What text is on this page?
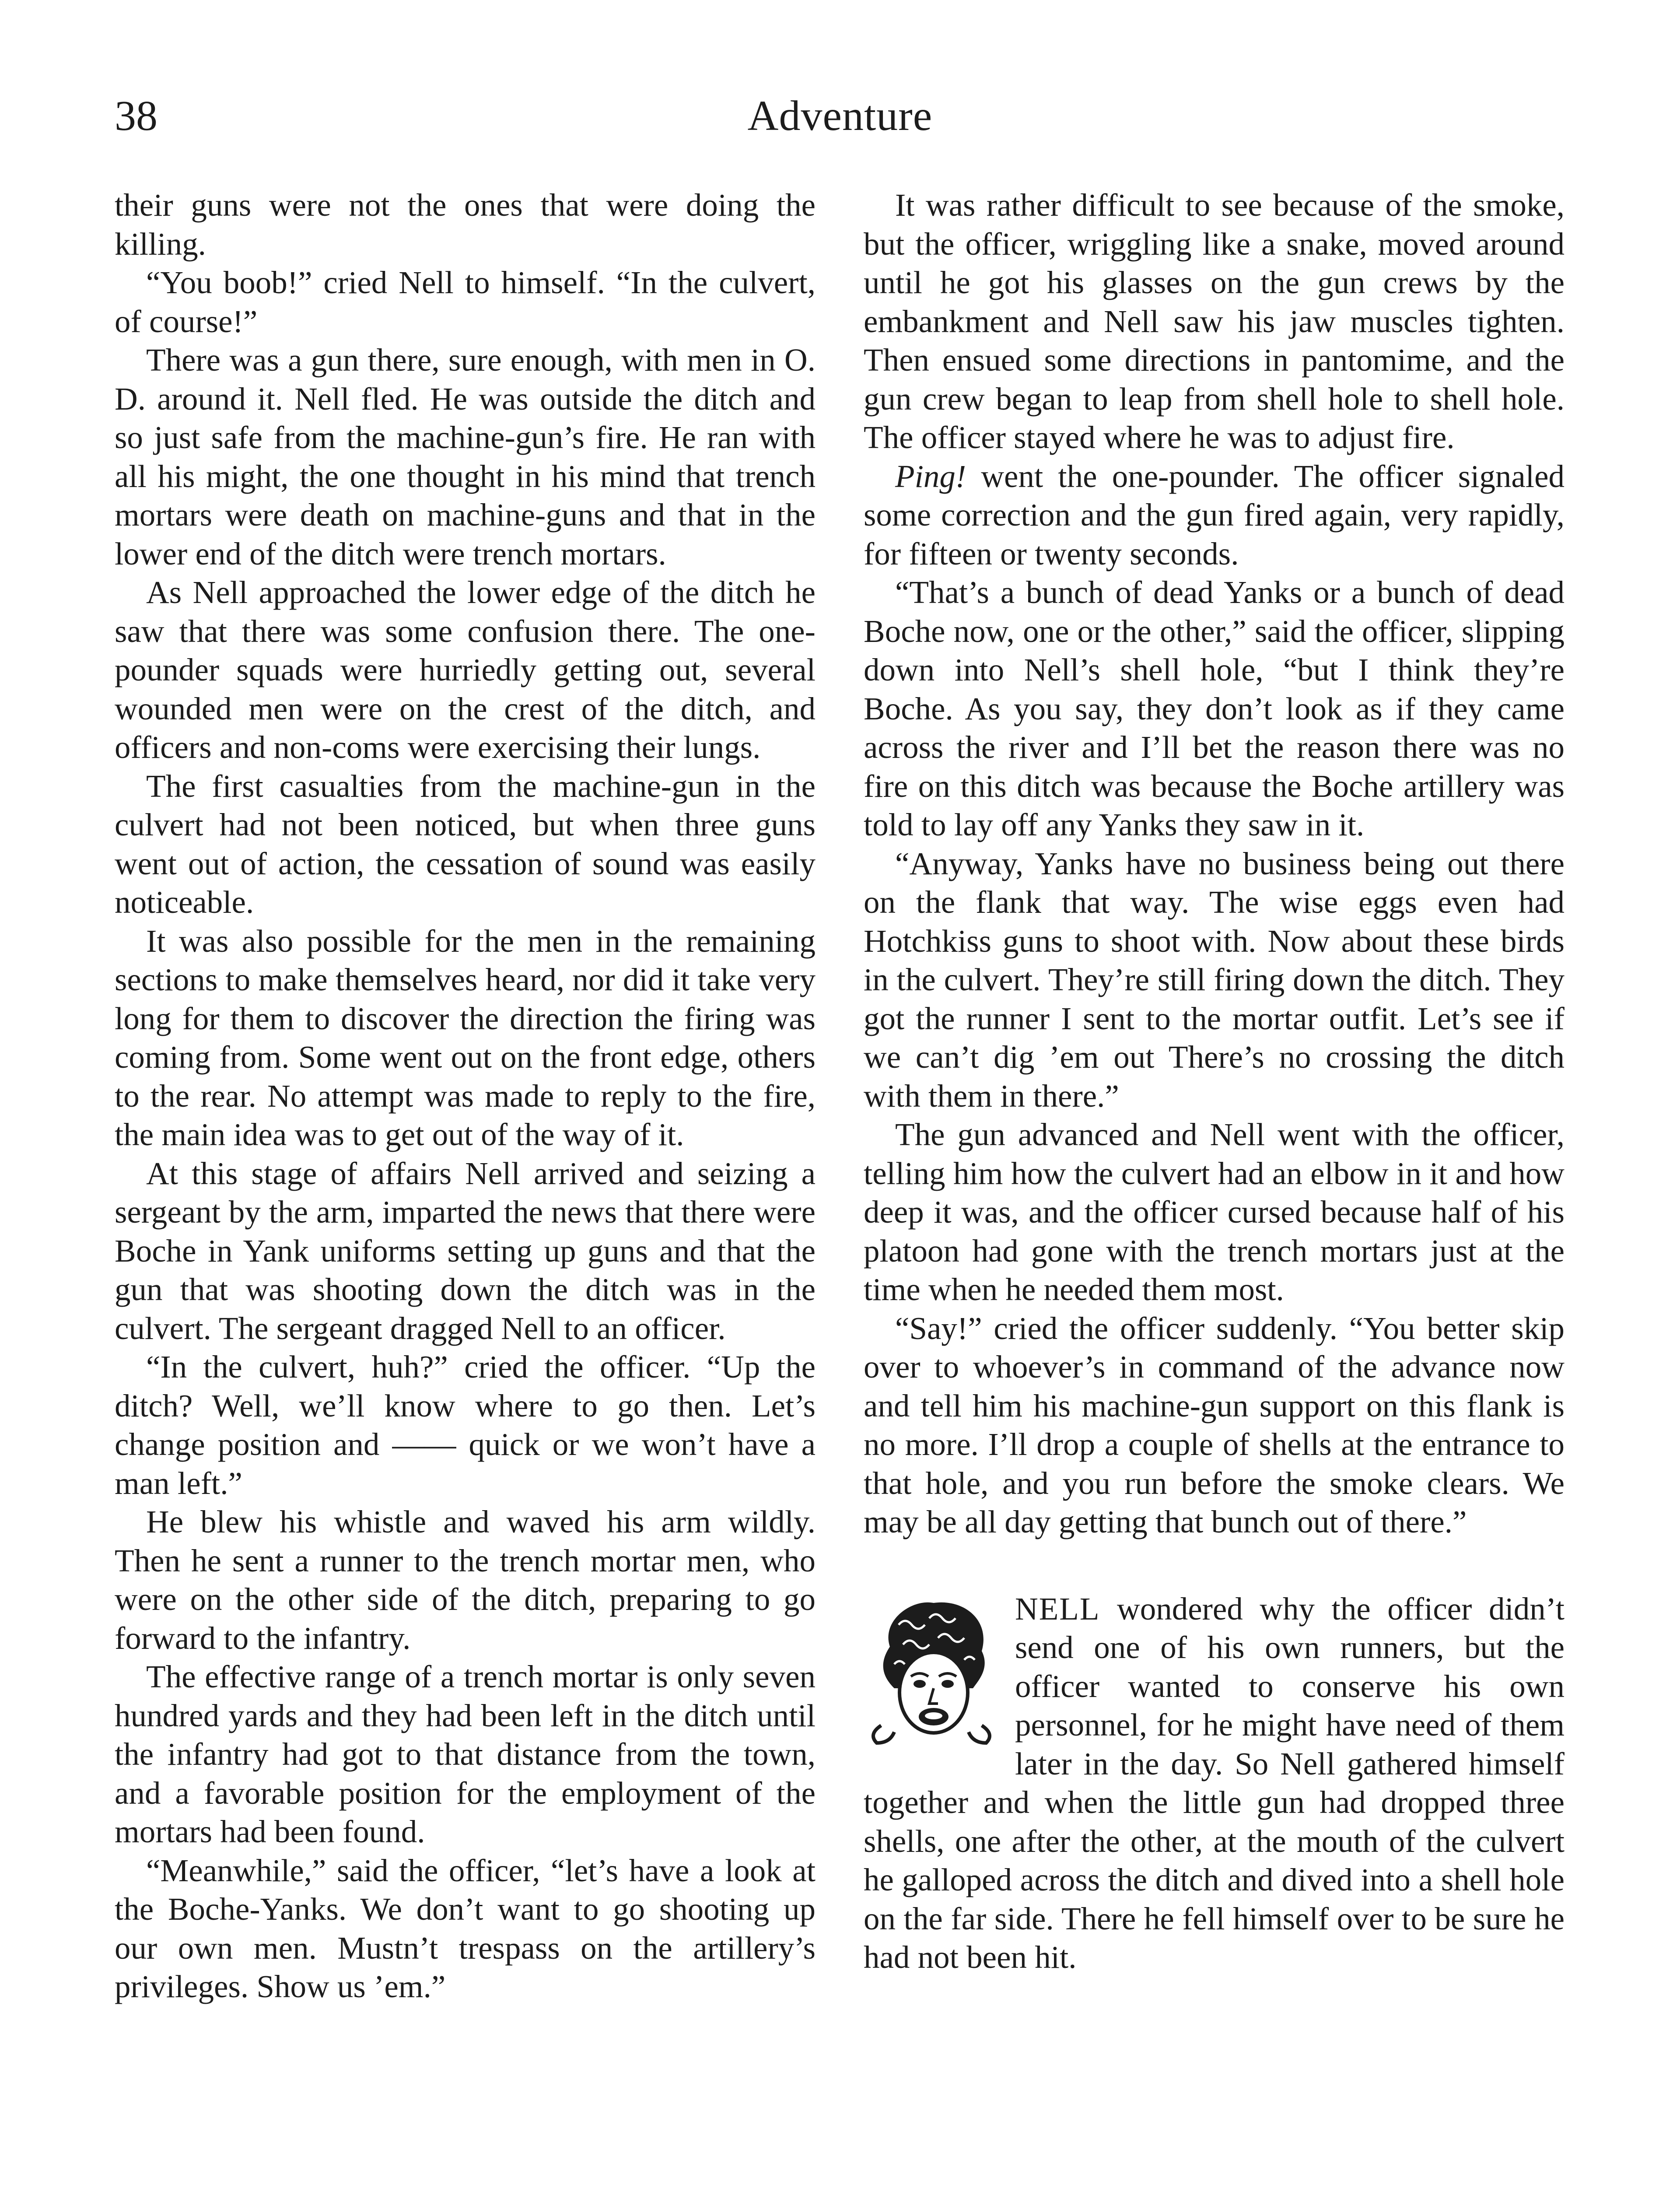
38	Adventure

their guns were not the ones that were doing the killing.

“You boob!” cried Nell to himself. “In the culvert, of course!”

There was a gun there, sure enough, with men in O. D. around it. Nell fled. He was outside the ditch and so just safe from the machine-gun’s fire. He ran with all his might, the one thought in his mind that trench mortars were death on machine-guns and that in the lower end of the ditch were trench mortars.

As Nell approached the lower edge of the ditch he saw that there was some confusion there. The one-pounder squads were hurriedly getting out, several wounded men were on the crest of the ditch, and officers and non-coms were exercising their lungs.

The first casualties from the machine-gun in the culvert had not been noticed, but when three guns went out of action, the cessation of sound was easily noticeable.

It was also possible for the men in the remaining sections to make themselves heard, nor did it take very long for them to discover the direction the firing was coming from. Some went out on the front edge, others to the rear. No attempt was made to reply to the fire, the main idea was to get out of the way of it.

At this stage of affairs Nell arrived and seizing a sergeant by the arm, imparted the news that there were Boche in Yank uniforms setting up guns and that the gun that was shooting down the ditch was in the culvert. The sergeant dragged Nell to an officer.

“In the culvert, huh?” cried the officer. “Up the ditch? Well, we’ll know where to go then. Let’s change position and —— quick or we won’t have a man left.”

He blew his whistle and waved his arm wildly. Then he sent a runner to the trench mortar men, who were on the other side of the ditch, preparing to go forward to the infantry.

The effective range of a trench mortar is only seven hundred yards and they had been left in the ditch until the infantry had got to that distance from the town, and a favorable position for the employment of the mortars had been found.

“Meanwhile,” said the officer, “let’s have a look at the Boche-Yanks. We don’t want to go shooting up our own men. Mustn’t trespass on the artillery’s privileges. Show us ’em.”

It was rather difficult to see because of the smoke, but the officer, wriggling like a snake, moved around until he got his glasses on the gun crews by the embankment and Nell saw his jaw muscles tighten. Then ensued some directions in pantomime, and the gun crew began to leap from shell hole to shell hole. The officer stayed where he was to adjust fire.

Ping! went the one-pounder. The officer signaled some correction and the gun fired again, very rapidly, for fifteen or twenty seconds.

“That’s a bunch of dead Yanks or a bunch of dead Boche now, one or the other,” said the officer, slipping down into Nell’s shell hole, “but I think they’re Boche. As you say, they don’t look as if they came across the river and I’ll bet the reason there was no fire on this ditch was because the Boche artillery was told to lay off any Yanks they saw in it.

“Anyway, Yanks have no business being out there on the flank that way. The wise eggs even had Hotchkiss guns to shoot with. Now about these birds in the culvert. They’re still firing down the ditch. They got the runner I sent to the mortar outfit. Let’s see if we can’t dig ’em out There’s no crossing the ditch with them in there.”

The gun advanced and Nell went with the officer, telling him how the culvert had an elbow in it and how deep it was, and the officer cursed because half of his platoon had gone with the trench mortars just at the time when he needed them most.

“Say!” cried the officer suddenly. “You better skip over to whoever’s in command of the advance now and tell him his machine-gun support on this flank is no more. I’ll drop a couple of shells at the entrance to that hole, and you run before the smoke clears. We may be all day getting that bunch out of there.”

NELL wondered why the officer didn’t send one of his own runners, but the officer wanted to conserve his own personnel, for he might have need of them later in the day. So Nell gathered himself together and when the little gun had dropped three shells, one after the other, at the mouth of the culvert he galloped across the ditch and dived into a shell hole on the far side. There he fell himself over to be sure he had not been hit.
